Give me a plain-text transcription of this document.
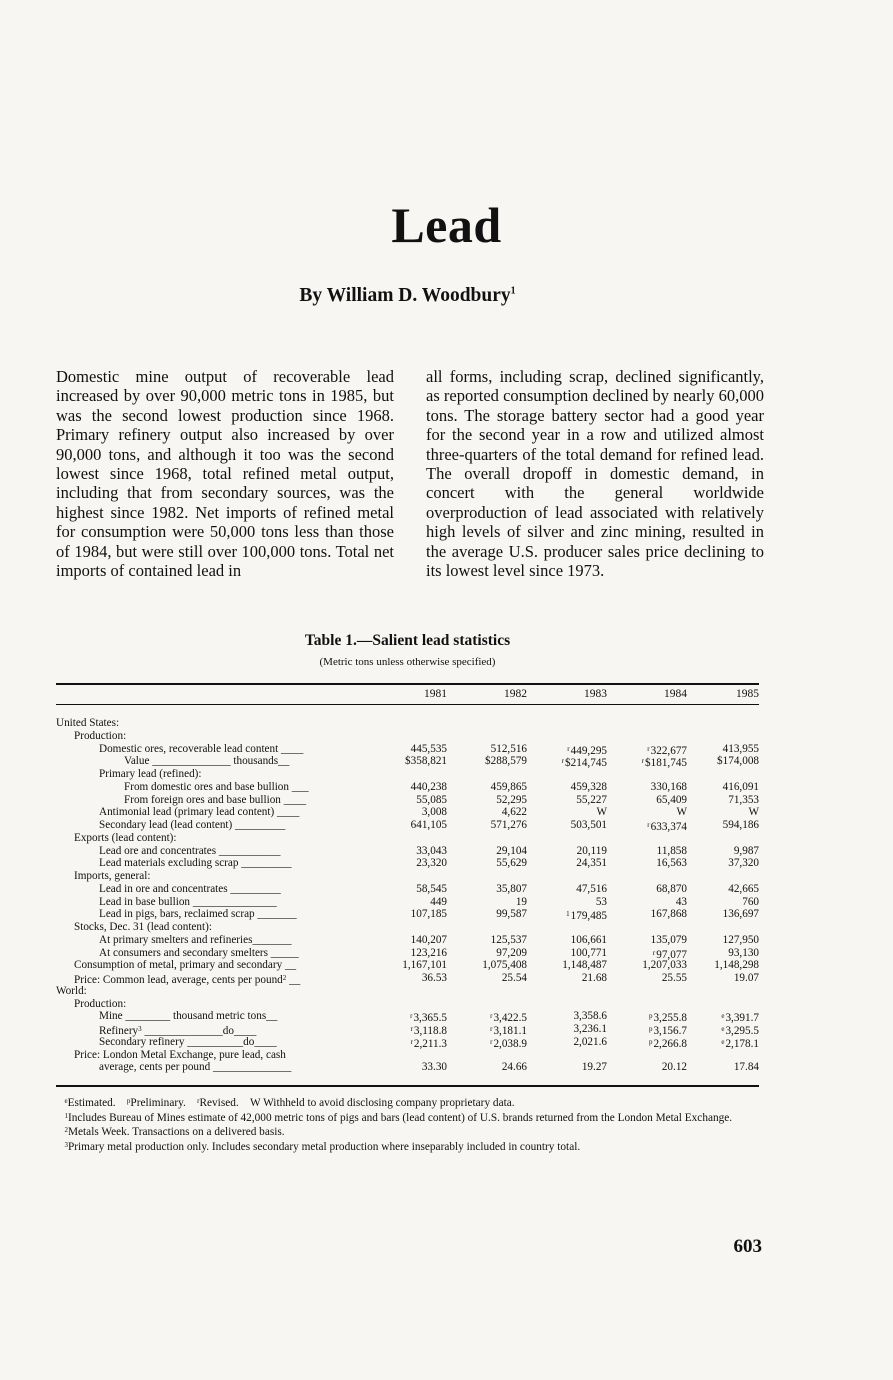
Lead
By William D. Woodbury$^1$

Domestic mine output of recoverable lead increased by over 90,000 metric tons in 1985, but was the second lowest production since 1968. Primary refinery output also increased by over 90,000 tons, and although it too was the second lowest since 1968, total refined metal output, including that from secondary sources, was the highest since 1982. Net imports of refined metal for consumption were 50,000 tons less than those of 1984, but were still over 100,000 tons. Total net imports of contained lead in

all forms, including scrap, declined significantly, as reported consumption declined by nearly 60,000 tons. The storage battery sector had a good year for the second year in a row and utilized almost three-quarters of the total demand for refined lead. The overall dropoff in domestic demand, in concert with the general worldwide overproduction of lead associated with relatively high levels of silver and zinc mining, resulted in the average U.S. producer sales price declining to its lowest level since 1973.

Table 1.—Salient lead statistics
(Metric tons unless otherwise specified)
1981	1982	1983	1984	1985
United States:
Production:
Domestic ores, recoverable lead content ____	445,535	512,516	$^r$449,295	$^r$322,677	413,955
Value ______________ thousands__	$358,821	$288,579	$^r$\$214,745	$^r$\$181,745	$174,008
Primary lead (refined):
From domestic ores and base bullion ___	440,238	459,865	459,328	330,168	416,091
From foreign ores and base bullion ____	55,085	52,295	55,227	65,409	71,353
Antimonial lead (primary lead content) ____	3,008	4,622	W	W	W
Secondary lead (lead content) _________	641,105	571,276	503,501	$^r$633,374	594,186
Exports (lead content):
Lead ore and concentrates ___________	33,043	29,104	20,119	11,858	9,987
Lead materials excluding scrap _________	23,320	55,629	24,351	16,563	37,320
Imports, general:
Lead in ore and concentrates _________	58,545	35,807	47,516	68,870	42,665
Lead in base bullion _______________	449	19	53	43	760
Lead in pigs, bars, reclaimed scrap _______	107,185	99,587	$^1$179,485	167,868	136,697
Stocks, Dec. 31 (lead content):
At primary smelters and refineries_______	140,207	125,537	106,661	135,079	127,950
At consumers and secondary smelters _____	123,216	97,209	100,771	$^r$97,077	93,130
Consumption of metal, primary and secondary __	1,167,101	1,075,408	1,148,487	1,207,033	1,148,298
Price: Common lead, average, cents per pound$^2$ __	36.53	25.54	21.68	25.55	19.07
World:
Production:
Mine ________ thousand metric tons__	$^r$3,365.5	$^r$3,422.5	3,358.6	$^p$3,255.8	$^e$3,391.7
Refinery$^3$ ______________do____	$^r$3,118.8	$^r$3,181.1	3,236.1	$^p$3,156.7	$^e$3,295.5
Secondary refinery __________do____	$^r$2,211.3	$^r$2,038.9	2,021.6	$^p$2,266.8	$^e$2,178.1
Price: London Metal Exchange, pure lead, cash
average, cents per pound ______________	33.30	24.66	19.27	20.12	17.84

$^e$Estimated. $^p$Preliminary. $^r$Revised. W Withheld to avoid disclosing company proprietary data.

$^1$Includes Bureau of Mines estimate of 42,000 metric tons of pigs and bars (lead content) of U.S. brands returned from the London Metal Exchange.

$^2$Metals Week. Transactions on a delivered basis.

$^3$Primary metal production only. Includes secondary metal production where inseparably included in country total.

603
